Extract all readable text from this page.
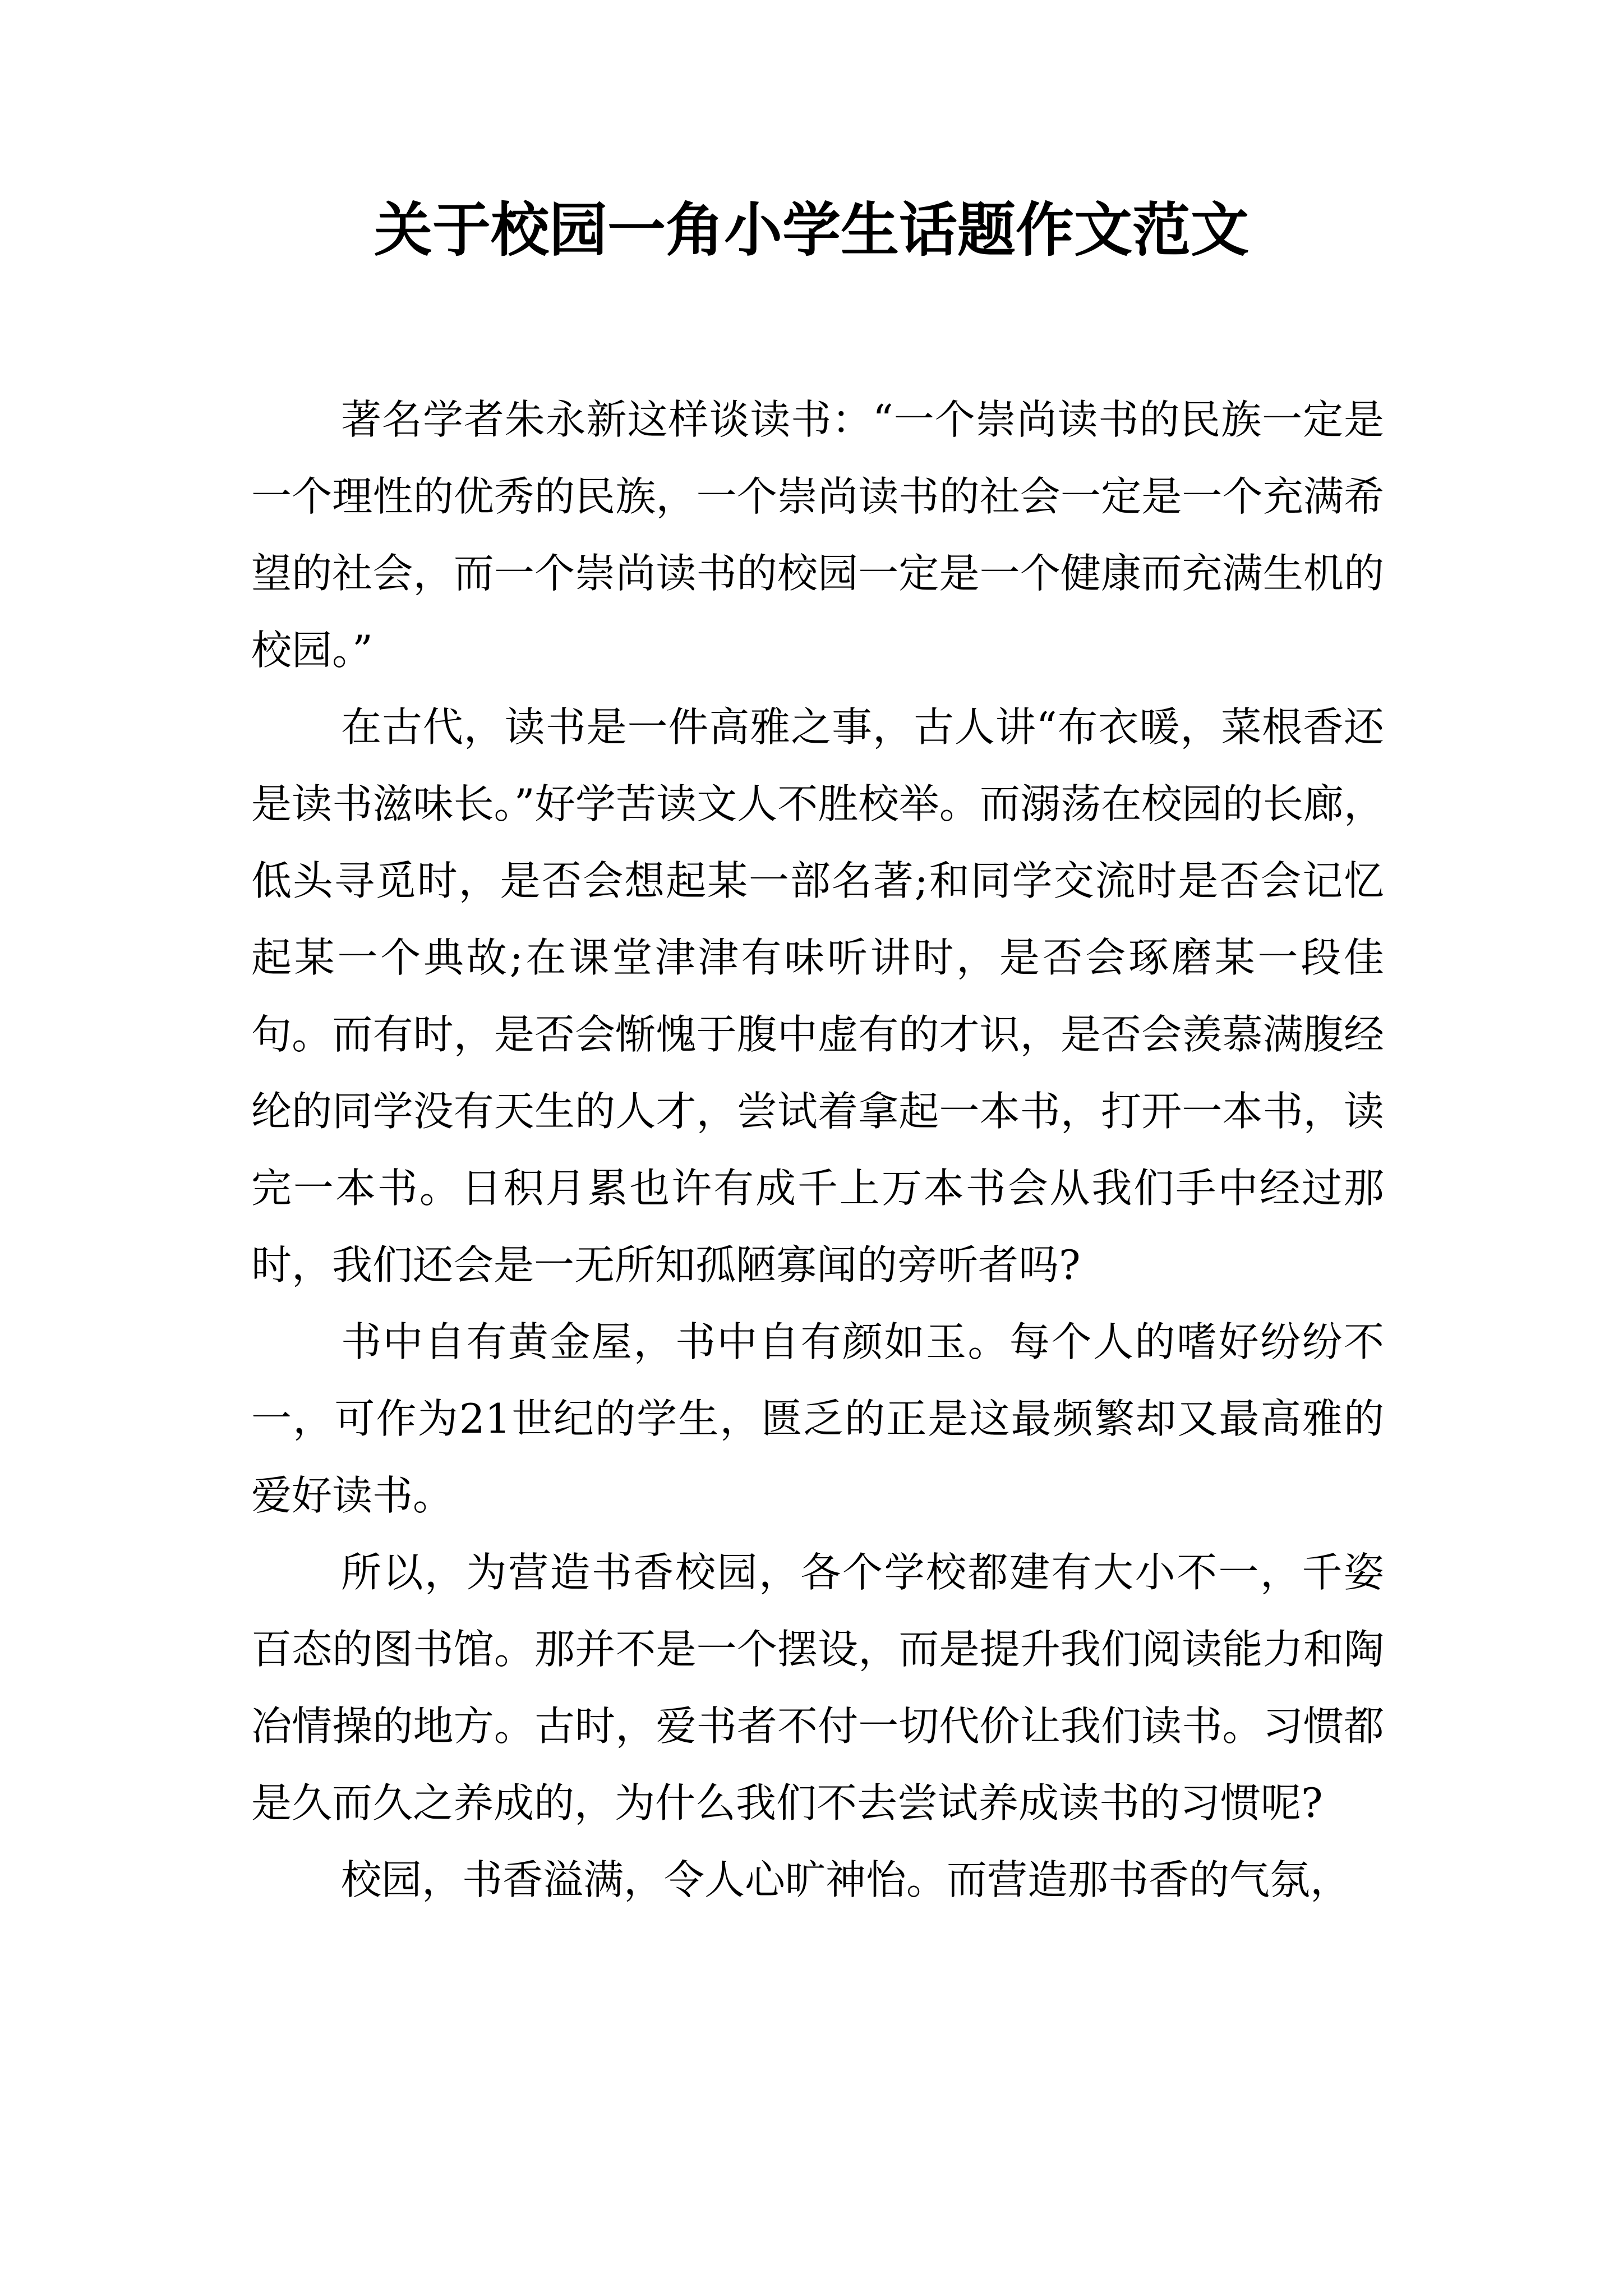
关于校园一角小学生话题作文范文

著名学者朱永新这样谈读书：“一个崇尚读书的民族一定是一个理性的优秀的民族，一个崇尚读书的社会一定是一个充满希望的社会，而一个崇尚读书的校园一定是一个健康而充满生机的校园。”

在古代，读书是一件高雅之事，古人讲“布衣暖，菜根香还是读书滋味长。”好学苦读文人不胜校举。而溺荡在校园的长廊，低头寻觅时，是否会想起某一部名著;和同学交流时是否会记忆起某一个典故;在课堂津津有味听讲时，是否会琢磨某一段佳句。而有时，是否会惭愧于腹中虚有的才识，是否会羡慕满腹经纶的同学没有天生的人才，尝试着拿起一本书，打开一本书，读完一本书。日积月累也许有成千上万本书会从我们手中经过那时，我们还会是一无所知孤陋寡闻的旁听者吗?

书中自有黄金屋，书中自有颜如玉。每个人的嗜好纷纷不一，可作为21世纪的学生，匮乏的正是这最频繁却又最高雅的爱好读书。

所以，为营造书香校园，各个学校都建有大小不一，千姿百态的图书馆。那并不是一个摆设，而是提升我们阅读能力和陶冶情操的地方。古时，爱书者不付一切代价让我们读书。习惯都是久而久之养成的，为什么我们不去尝试养成读书的习惯呢?

校园，书香溢满，令人心旷神怡。而营造那书香的气氛，
